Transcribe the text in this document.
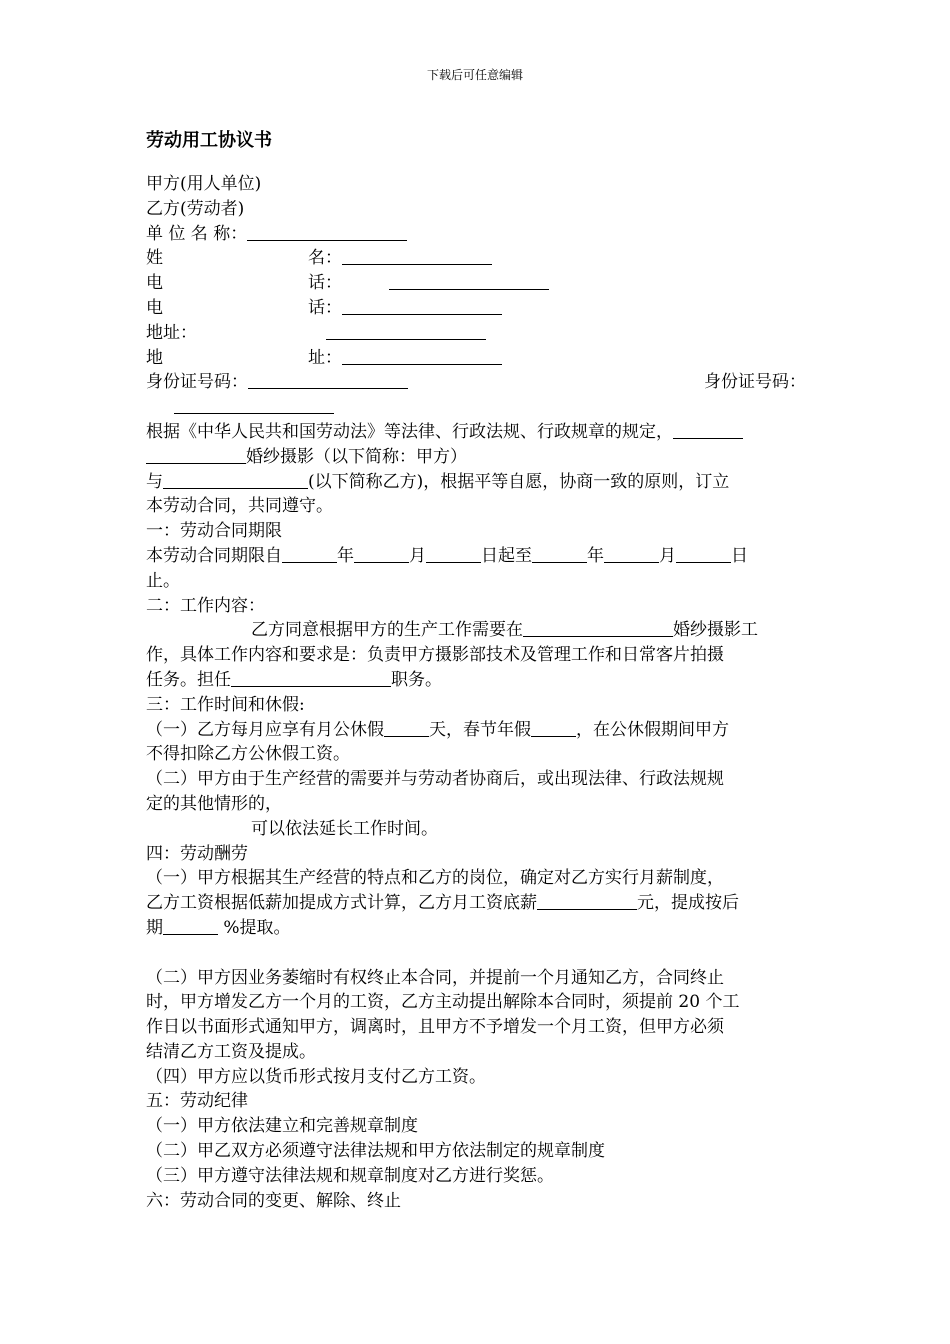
下载后可任意编辑
劳动用工协议书
甲方(用人单位)
乙方(劳动者)
单 位 名 称：
姓	名：
电	话：
电	话：
地址：
地	址：
身份证号码：	身份证号码：
根据《中华人民共和国劳动法》等法律、行政法规、行政规章的规定，
婚纱摄影（以下简称：甲方）
与	(以下简称乙方)，根据平等自愿，协商一致的原则，订立
本劳动合同，共同遵守。
一：劳动合同期限
本劳动合同期限自	年	月	日起至	年	月	日
止。
二：工作内容：
乙方同意根据甲方的生产工作需要在	婚纱摄影工
作，具体工作内容和要求是：负责甲方摄影部技术及管理工作和日常客片拍摄
任务。担任	职务。
三：工作时间和休假:
（一）乙方每月应享有月公休假	天，春节年假	，在公休假期间甲方
不得扣除乙方公休假工资。
（二）甲方由于生产经营的需要并与劳动者协商后，或出现法律、行政法规规
定的其他情形的，
可以依法延长工作时间。
四：劳动酬劳
（一）甲方根据其生产经营的特点和乙方的岗位，确定对乙方实行月薪制度，
乙方工资根据低薪加提成方式计算，乙方月工资底薪	元，提成按后
期	%提取。
（二）甲方因业务萎缩时有权终止本合同，并提前一个月通知乙方，合同终止
时，甲方增发乙方一个月的工资，乙方主动提出解除本合同时，须提前 20 个工
作日以书面形式通知甲方，调离时，且甲方不予增发一个月工资，但甲方必须
结清乙方工资及提成。
（四）甲方应以货币形式按月支付乙方工资。
五：劳动纪律
（一）甲方依法建立和完善规章制度
（二）甲乙双方必须遵守法律法规和甲方依法制定的规章制度
（三）甲方遵守法律法规和规章制度对乙方进行奖惩。
六：劳动合同的变更、解除、终止
